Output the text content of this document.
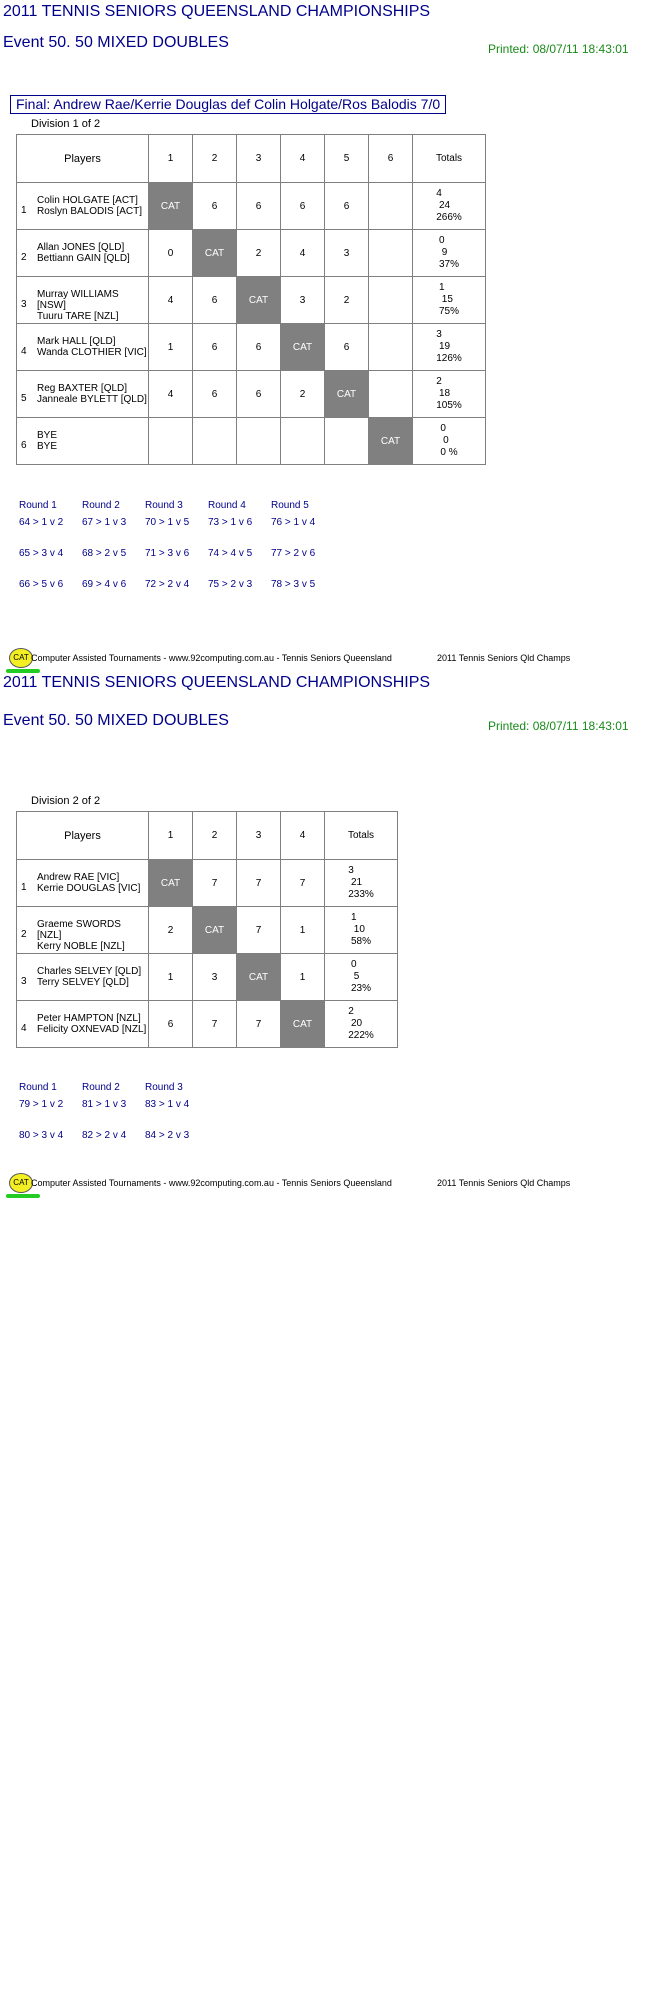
2011 TENNIS SENIORS QUEENSLAND CHAMPIONSHIPS
Event 50. 50 MIXED DOUBLES	Printed: 08/07/11 18:43:01
Final: Andrew Rae/Kerrie Douglas def Colin Holgate/Ros Balodis 7/0
Division 1 of 2
Players	1	2	3	4	5	6	Totals

1
Colin HOLGATE [ACT]
Roslyn BALODIS [ACT]	CAT	6	6	6	6		4
24
266%

2
Allan JONES [QLD]
Bettiann GAIN [QLD]	0	CAT	2	4	3		0
9
37%

3
Murray WILLIAMS [NSW]
Tuuru TARE [NZL]	4	6	CAT	3	2		1
15
75%

4
Mark HALL [QLD]
Wanda CLOTHIER [VIC]	1	6	6	CAT	6		3
19
126%

5
Reg BAXTER [QLD]
Janneale BYLETT [QLD]	4	6	6	2	CAT		2
18
105%

6
BYE
BYE						CAT	0
0
0 %
Round 1	Round 2	Round 3	Round 4	Round 5
64 > 1 v 2 67 > 1 v 3 70 > 1 v 5 73 > 1 v 6 76 > 1 v 4
65 > 3 v 4 68 > 2 v 5 71 > 3 v 6 74 > 4 v 5 77 > 2 v 6
66 > 5 v 6 69 > 4 v 6 72 > 2 v 4 75 > 2 v 3 78 > 3 v 5
CAT Computer Assisted Tournaments - www.92computing.com.au - Tennis Seniors Queensland	2011 Tennis Seniors Qld Champs
2011 TENNIS SENIORS QUEENSLAND CHAMPIONSHIPS
Event 50. 50 MIXED DOUBLES	Printed: 08/07/11 18:43:01
Division 2 of 2
Players	1	2	3	4	Totals

1
Andrew RAE [VIC]
Kerrie DOUGLAS [VIC]	CAT	7	7	7	3
21
233%

2
Graeme SWORDS [NZL]
Kerry NOBLE [NZL]	2	CAT	7	1	1
10
58%

3
Charles SELVEY [QLD]
Terry SELVEY [QLD]	1	3	CAT	1	0
5
23%

4
Peter HAMPTON [NZL]
Felicity OXNEVAD [NZL]	6	7	7	CAT	2
20
222%
Round 1	Round 2	Round 3
79 > 1 v 2 81 > 1 v 3 83 > 1 v 4
80 > 3 v 4 82 > 2 v 4 84 > 2 v 3
CAT Computer Assisted Tournaments - www.92computing.com.au - Tennis Seniors Queensland	2011 Tennis Seniors Qld Champs
